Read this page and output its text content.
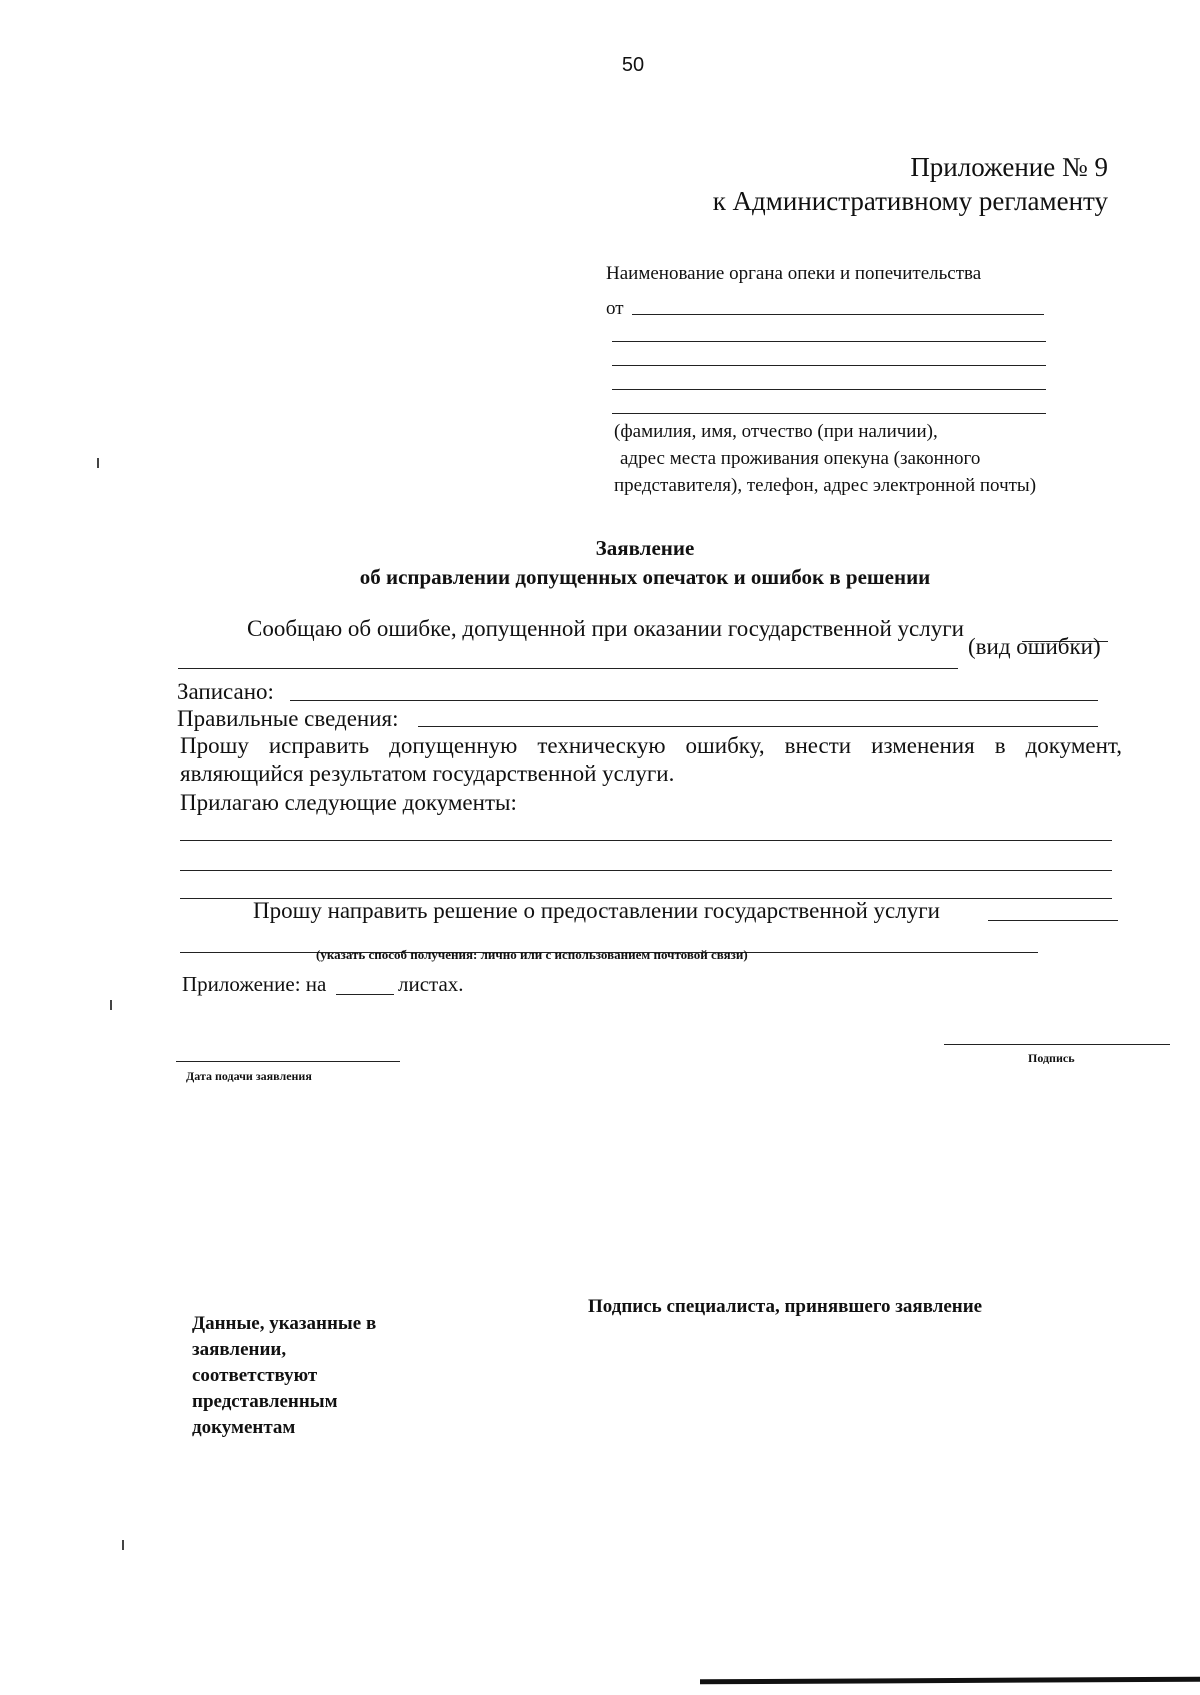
50
Приложение № 9
к Административному регламенту
Наименование органа опеки и попечительства
от
(фамилия, имя, отчество (при наличии),
адрес места проживания опекуна (законного
представителя), телефон, адрес электронной почты)
Заявление
об исправлении допущенных опечаток и ошибок в решении
Сообщаю об ошибке, допущенной при оказании государственной услуги
(вид ошибки)
Записано:
Правильные сведения:
Прошу исправить допущенную техническую ошибку, внести изменения в документ,
являющийся результатом государственной услуги.
Прилагаю следующие документы:
Прошу направить решение о предоставлении государственной услуги
(указать способ получения: лично или с использованием почтовой связи)
Приложение: на	листах.
Дата подачи заявления
Подпись
Данные, указанные в
заявлении,
соответствуют
представленным
документам
Подпись специалиста, принявшего заявление
